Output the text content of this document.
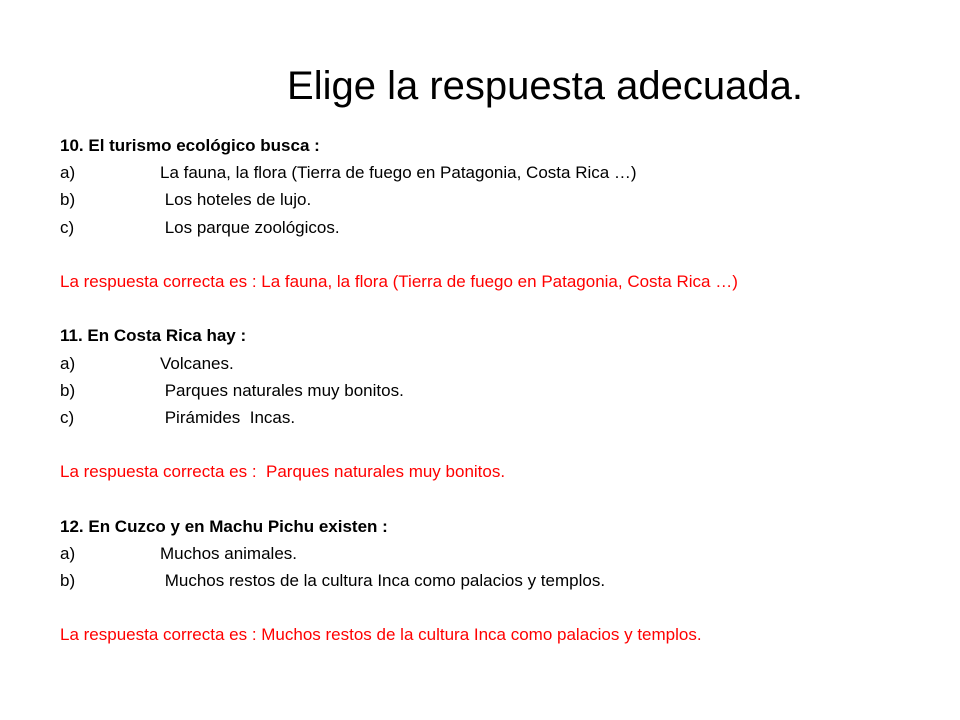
Elige la respuesta adecuada.
10. El turismo ecológico busca :
a)	La fauna, la flora (Tierra de fuego en Patagonia, Costa Rica …)
b)	Los hoteles de lujo.
c)	Los parque zoológicos.
La respuesta correcta es : La fauna, la flora (Tierra de fuego en Patagonia, Costa Rica …)
11. En Costa Rica hay :
a)	Volcanes.
b)	Parques naturales muy bonitos.
c)	Pirámides  Incas.
La respuesta correcta es :  Parques naturales muy bonitos.
12. En Cuzco y en Machu Pichu existen :
a)	Muchos animales.
b)	Muchos restos de la cultura Inca como palacios y templos.
La respuesta correcta es : Muchos restos de la cultura Inca como palacios y templos.
